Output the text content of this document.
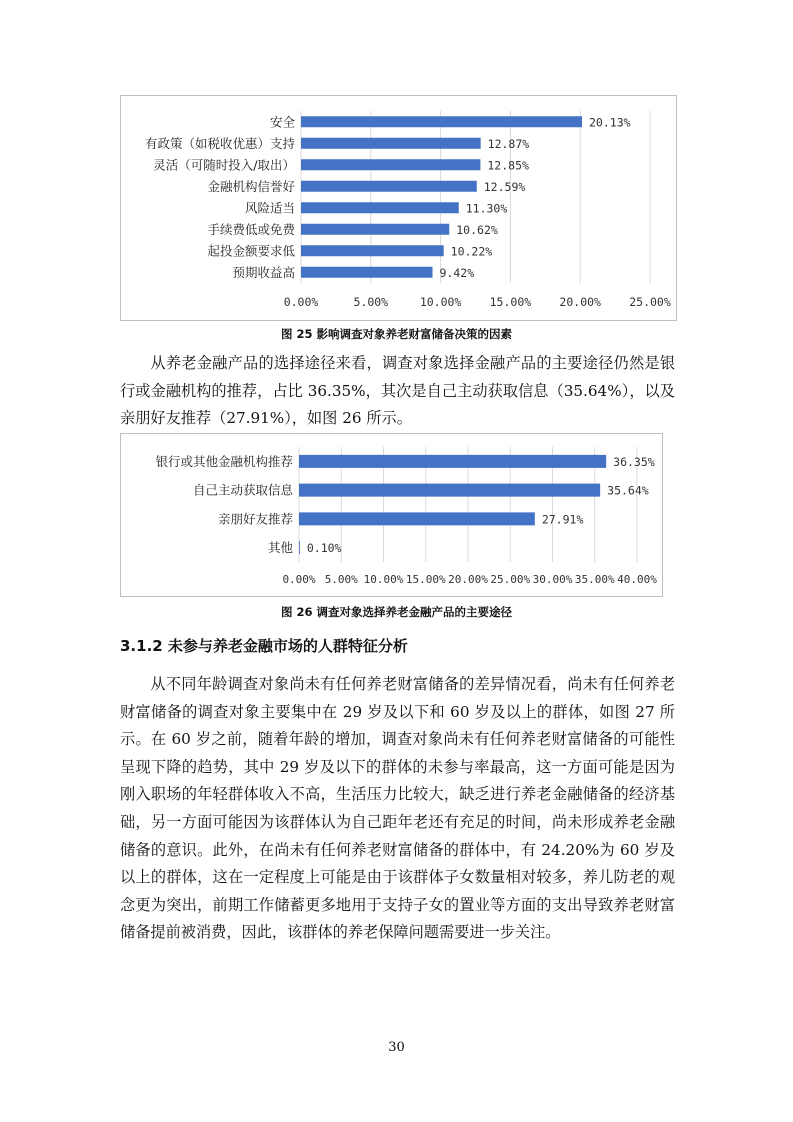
0.00%	5.00%	10.00% 15.00% 20.00% 25.00%
安全	20.13%
有政策（如税收优惠）支持	12.87%
灵活（可随时投入/取出）	12.85%
金融机构信誉好	12.59%
风险适当	11.30%
手续费低或免费	10.62%
起投金额要求低	10.22%
预期收益高	9.42%
图 25 影响调查对象养老财富储备决策的因素

从养老金融产品的选择途径来看，调查对象选择金融产品的主要途径仍然是银行或金融机构的推荐，占比 36.35%，其次是自己主动获取信息（35.64%），以及亲朋好友推荐（27.91%），如图 26 所示。

0.00% 5.00% 10.00% 15.00% 20.00% 25.00% 30.00% 35.00% 40.00%
银行或其他金融机构推荐	36.35%
自己主动获取信息	35.64%
亲朋好友推荐	27.91%
其他 0.10%
图 26 调查对象选择养老金融产品的主要途径
3.1.2 未参与养老金融市场的人群特征分析

从不同年龄调查对象尚未有任何养老财富储备的差异情况看，尚未有任何养老财富储备的调查对象主要集中在 29 岁及以下和 60 岁及以上的群体，如图 27 所示。在 60 岁之前，随着年龄的增加，调查对象尚未有任何养老财富储备的可能性呈现下降的趋势，其中 29 岁及以下的群体的未参与率最高，这一方面可能是因为刚入职场的年轻群体收入不高，生活压力比较大，缺乏进行养老金融储备的经济基础，另一方面可能因为该群体认为自己距年老还有充足的时间，尚未形成养老金融储备的意识。此外，在尚未有任何养老财富储备的群体中，有 24.20%为 60 岁及以上的群体，这在一定程度上可能是由于该群体子女数量相对较多，养儿防老的观念更为突出，前期工作储蓄更多地用于支持子女的置业等方面的支出导致养老财富储备提前被消费，因此，该群体的养老保障问题需要进一步关注。

30
